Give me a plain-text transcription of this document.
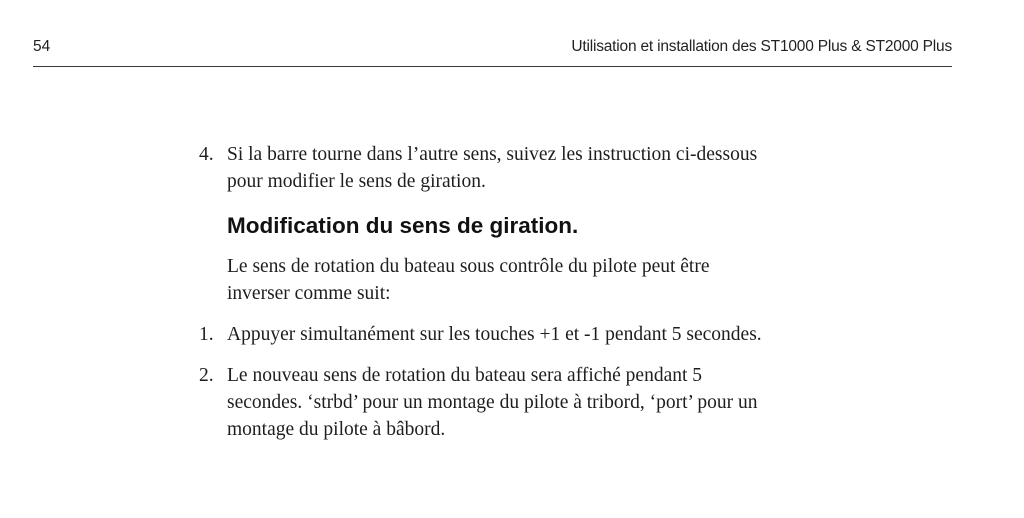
54	Utilisation et installation des ST1000 Plus & ST2000 Plus
4. Si la barre tourne dans l’autre sens, suivez les instruction ci-dessous
pour modifier le sens de giration.
Modification du sens de giration.
Le sens de rotation du bateau sous contrôle du pilote peut être
inverser comme suit:
1. Appuyer simultanément sur les touches +1 et -1 pendant 5 secondes.
2. Le nouveau sens de rotation du bateau sera affiché pendant 5
secondes. ‘strbd’ pour un montage du pilote à tribord, ‘port’ pour un
montage du pilote à bâbord.
